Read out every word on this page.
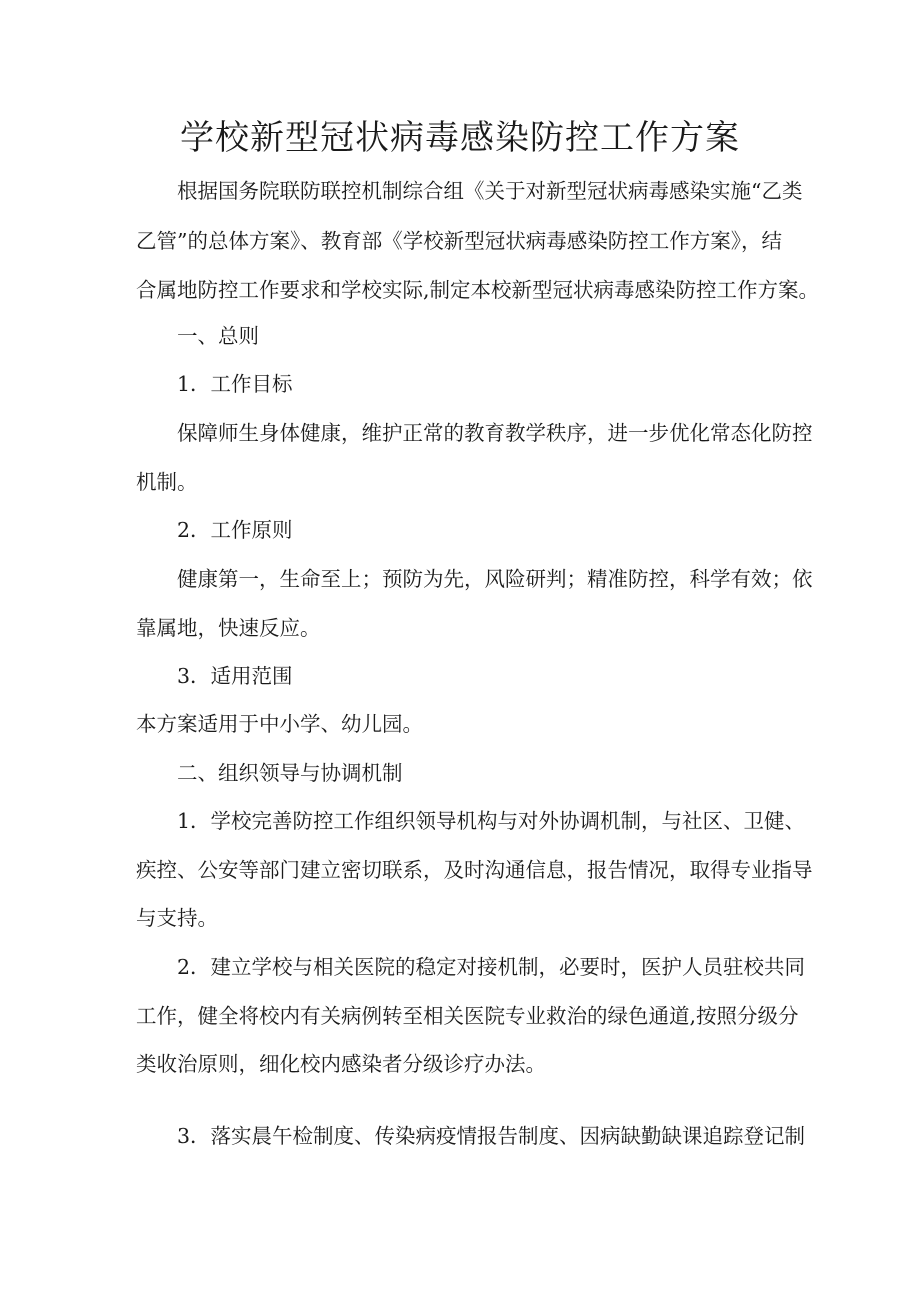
学校新型冠状病毒感染防控工作方案

根据国务院联防联控机制综合组《关于对新型冠状病毒感染实施“乙类

乙管”的总体方案》、教育部《学校新型冠状病毒感染防控工作方案》，结

合属地防控工作要求和学校实际,制定本校新型冠状病毒感染防控工作方案。

一、总则

1．工作目标

保障师生身体健康，维护正常的教育教学秩序，进一步优化常态化防控

机制。

2．工作原则

健康第一，生命至上；预防为先，风险研判；精准防控，科学有效；依

靠属地，快速反应。

3．适用范围

本方案适用于中小学、幼儿园。

二、组织领导与协调机制

1．学校完善防控工作组织领导机构与对外协调机制，与社区、卫健、

疾控、公安等部门建立密切联系，及时沟通信息，报告情况，取得专业指导

与支持。

2．建立学校与相关医院的稳定对接机制，必要时，医护人员驻校共同

工作，健全将校内有关病例转至相关医院专业救治的绿色通道,按照分级分

类收治原则，细化校内感染者分级诊疗办法。

3．落实晨午检制度、传染病疫情报告制度、因病缺勤缺课追踪登记制
